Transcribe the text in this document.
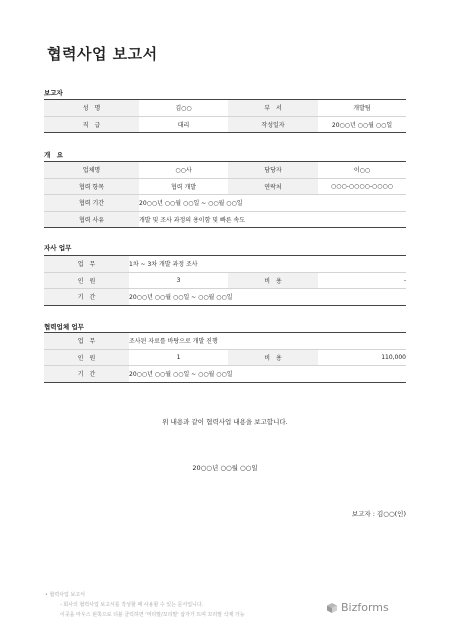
협력사업 보고서
보고자
성　명	김○○	부　서	개발팀
직　급	대리	작성일자	20○○년 ○○월 ○○일
개　요
업체명	○○사	담당자	이○○
협력 항목	협력 개발	연락처	○○○-○○○○-○○○○
협력 기간	20○○년 ○○월 ○○일 ~ ○○월 ○○일		
협력 사유	개발 및 조사 과정의 용이함 및 빠른 속도		
자사 업무
업　무	1차 ~ 3차 개발 과정 조사		
인　원	3	비　용	-
기　간	20○○년 ○○월 ○○일 ~ ○○월 ○○일		
협력업체 업무
업　무	조사된 자료를 바탕으로 개발 진행		
인　원	1	비　용	110,000
기　간	20○○년 ○○월 ○○일 ~ ○○월 ○○일		
위 내용과 같이 협력사업 내용을 보고합니다.
20○○년 ○○월 ○○일
보고자 : 김○○(인)
• 협력사업 보고서
- 회사의 협력사업 보고서를 작성할 때 사용할 수 있는 문서입니다.
이곳을 마우스 왼쪽으로 더블 클릭하면 '머리말/꼬리말' 삽자가 뜨며 꼬리말 삭제 가능
Bizforms
